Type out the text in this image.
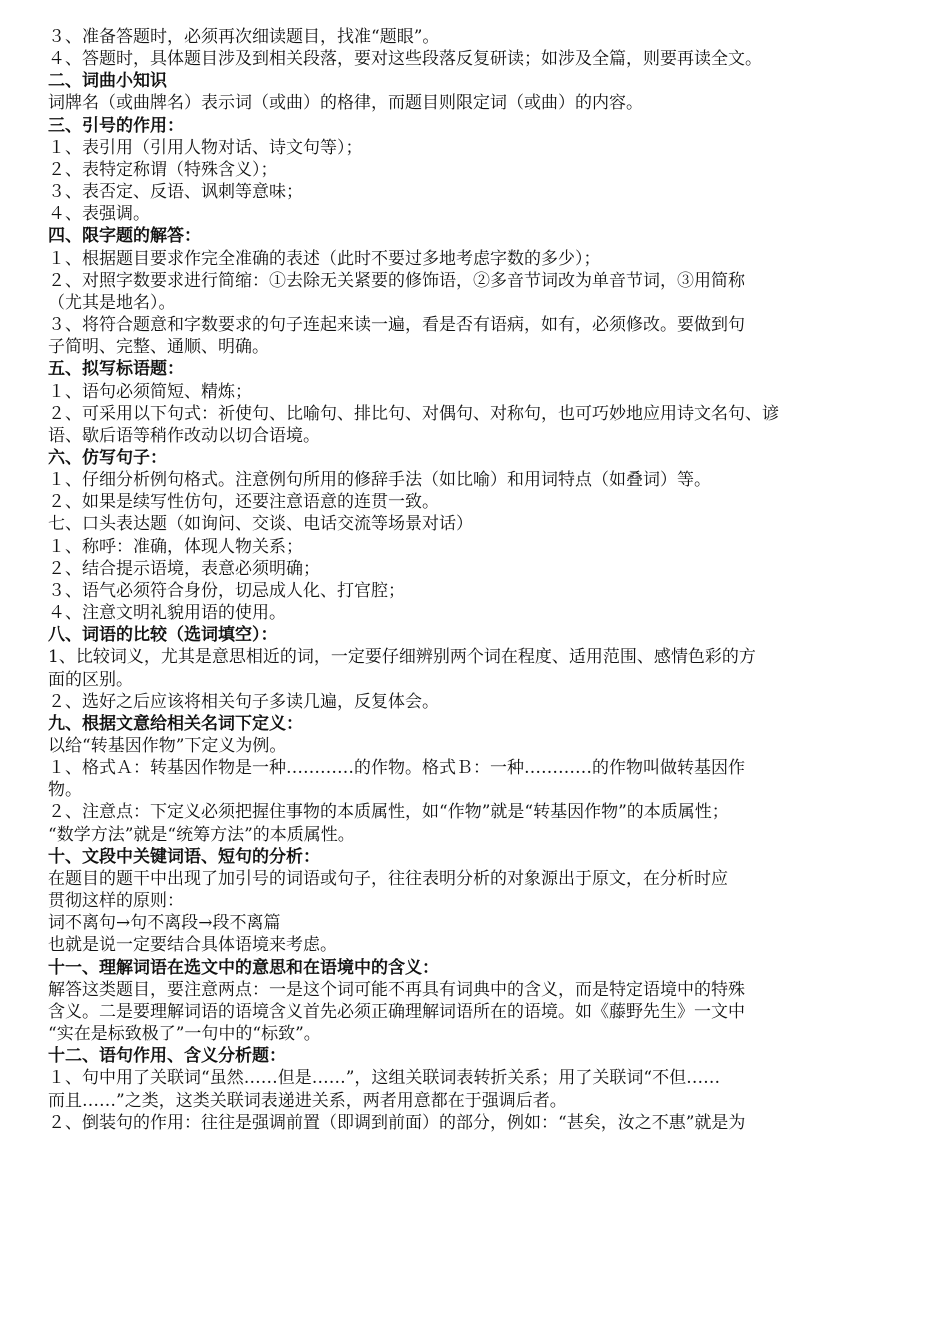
３、准备答题时，必须再次细读题目，找准“题眼”。
４、答题时，具体题目涉及到相关段落，要对这些段落反复研读；如涉及全篇，则要再读全文。
二、词曲小知识
词牌名（或曲牌名）表示词（或曲）的格律，而题目则限定词（或曲）的内容。
三、引号的作用：
１、表引用（引用人物对话、诗文句等）；
２、表特定称谓（特殊含义）；
３、表否定、反语、讽刺等意味；
４、表强调。
四、限字题的解答：
１、根据题目要求作完全准确的表述（此时不要过多地考虑字数的多少）；
２、对照字数要求进行简缩：①去除无关紧要的修饰语，②多音节词改为单音节词，③用简称
（尤其是地名）。
３、将符合题意和字数要求的句子连起来读一遍，看是否有语病，如有，必须修改。要做到句
子简明、完整、通顺、明确。
五、拟写标语题：
１、语句必须简短、精炼；
２、可采用以下句式：祈使句、比喻句、排比句、对偶句、对称句，也可巧妙地应用诗文名句、谚
语、歇后语等稍作改动以切合语境。
六、仿写句子：
１、仔细分析例句格式。注意例句所用的修辞手法（如比喻）和用词特点（如叠词）等。
２、如果是续写性仿句，还要注意语意的连贯一致。
七、口头表达题（如询问、交谈、电话交流等场景对话）
１、称呼：准确，体现人物关系；
２、结合提示语境，表意必须明确；
３、语气必须符合身份，切忌成人化、打官腔；
４、注意文明礼貌用语的使用。
八、词语的比较（选词填空）：
1、比较词义，尤其是意思相近的词，一定要仔细辨别两个词在程度、适用范围、感情色彩的方
面的区别。
２、选好之后应该将相关句子多读几遍，反复体会。
九、根据文意给相关名词下定义：
以给“转基因作物”下定义为例。
１、格式Ａ：转基因作物是一种…………的作物。格式Ｂ：一种…………的作物叫做转基因作
物。
２、注意点：下定义必须把握住事物的本质属性，如“作物”就是“转基因作物”的本质属性；
“数学方法”就是“统筹方法”的本质属性。
十、文段中关键词语、短句的分析：
在题目的题干中出现了加引号的词语或句子，往往表明分析的对象源出于原文，在分析时应
贯彻这样的原则：
词不离句→句不离段→段不离篇
也就是说一定要结合具体语境来考虑。
十一、理解词语在选文中的意思和在语境中的含义：
解答这类题目，要注意两点：一是这个词可能不再具有词典中的含义，而是特定语境中的特殊
含义。二是要理解词语的语境含义首先必须正确理解词语所在的语境。如《藤野先生》一文中
“实在是标致极了”一句中的“标致”。
十二、语句作用、含义分析题：
１、句中用了关联词“虽然……但是……”，这组关联词表转折关系；用了关联词“不但……
而且……”之类，这类关联词表递进关系，两者用意都在于强调后者。
２、倒装句的作用：往往是强调前置（即调到前面）的部分，例如：“甚矣，汝之不惠”就是为
